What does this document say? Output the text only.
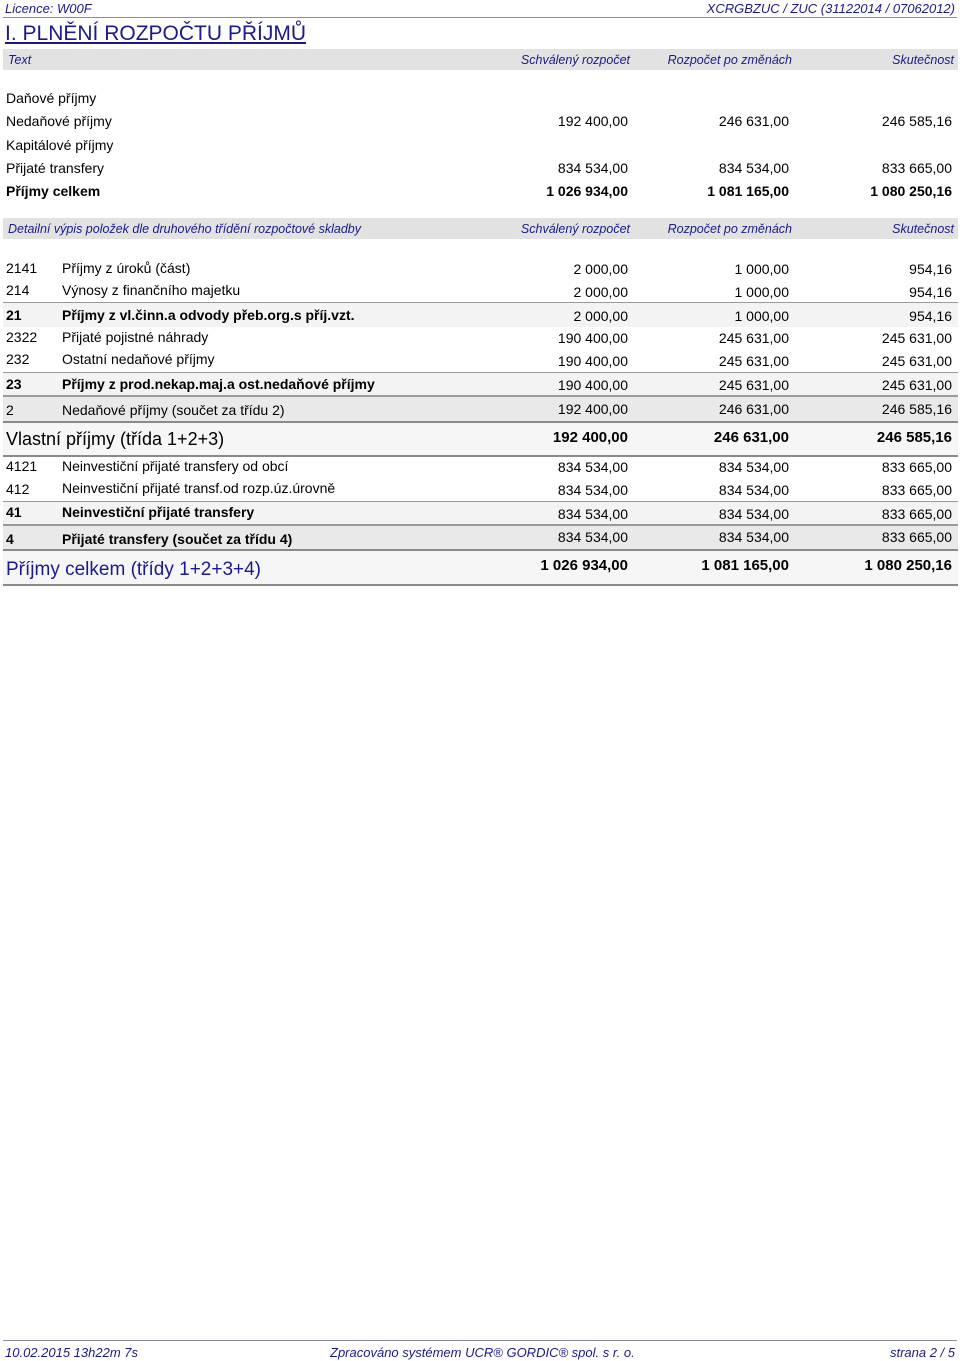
Licence: W00F	XCRGBZUC / ZUC (31122014 / 07062012)
I. PLNĚNÍ ROZPOČTU PŘÍJMŮ
Text	Schválený rozpočet	Rozpočet po změnách	Skutečnost
Daňové příjmy
Nedaňové příjmy	192 400,00	246 631,00	246 585,16
Kapitálové příjmy
Přijaté transfery	834 534,00	834 534,00	833 665,00
Příjmy celkem	1 026 934,00	1 081 165,00	1 080 250,16
Detailní výpis položek dle druhového třídění rozpočtové skladby	Schválený rozpočet	Rozpočet po změnách	Skutečnost
2141 Příjmy z úroků (část)	2 000,00	1 000,00	954,16
214 Výnosy z finančního majetku	2 000,00	1 000,00	954,16
21	Příjmy z vl.činn.a odvody přeb.org.s příj.vzt.	2 000,00	1 000,00	954,16
2322 Přijaté pojistné náhrady	190 400,00	245 631,00	245 631,00
232 Ostatní nedaňové příjmy	190 400,00	245 631,00	245 631,00
23	Příjmy z prod.nekap.maj.a ost.nedaňové příjmy	190 400,00	245 631,00	245 631,00
2	Nedaňové příjmy (součet za třídu 2)	192 400,00	246 631,00	246 585,16
Vlastní příjmy (třída 1+2+3)	192 400,00	246 631,00	246 585,16
4121 Neinvestiční přijaté transfery od obcí	834 534,00	834 534,00	833 665,00
412 Neinvestiční přijaté transf.od rozp.úz.úrovně	834 534,00	834 534,00	833 665,00
41	Neinvestiční přijaté transfery	834 534,00	834 534,00	833 665,00
4	Přijaté transfery (součet za třídu 4)	834 534,00	834 534,00	833 665,00
Příjmy celkem (třídy 1+2+3+4)	1 026 934,00	1 081 165,00	1 080 250,16
10.02.2015 13h22m 7s	Zpracováno systémem UCR® GORDIC® spol. s r. o.	strana 2 / 5
